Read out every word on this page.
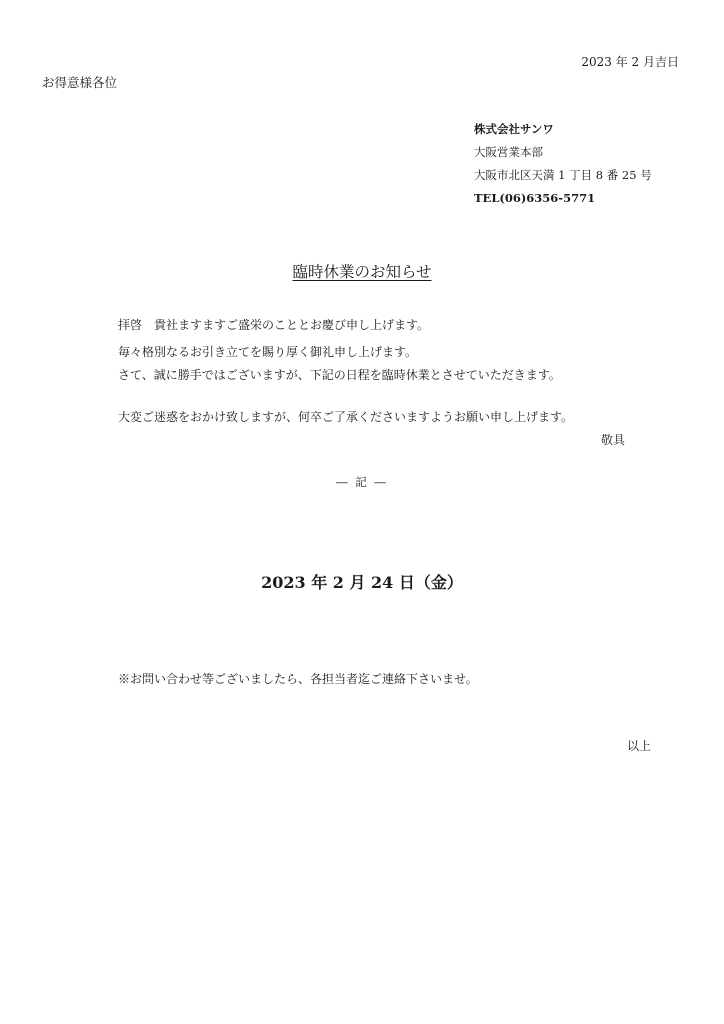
2023 年 2 月吉日
お得意様各位
株式会社サンワ
大阪営業本部
大阪市北区天満 1 丁目 8 番 25 号
TEL(06)6356-5771
臨時休業のお知らせ
拝啓　貴社ますますご盛栄のこととお慶び申し上げます。
毎々格別なるお引き立てを賜り厚く御礼申し上げます。
さて、誠に勝手ではございますが、下記の日程を臨時休業とさせていただきます。
大変ご迷惑をおかけ致しますが、何卒ご了承くださいますようお願い申し上げます。
敬具
― 記 ―
2023 年 2 月 24 日（金）
※お問い合わせ等ございましたら、各担当者迄ご連絡下さいませ。
以上
